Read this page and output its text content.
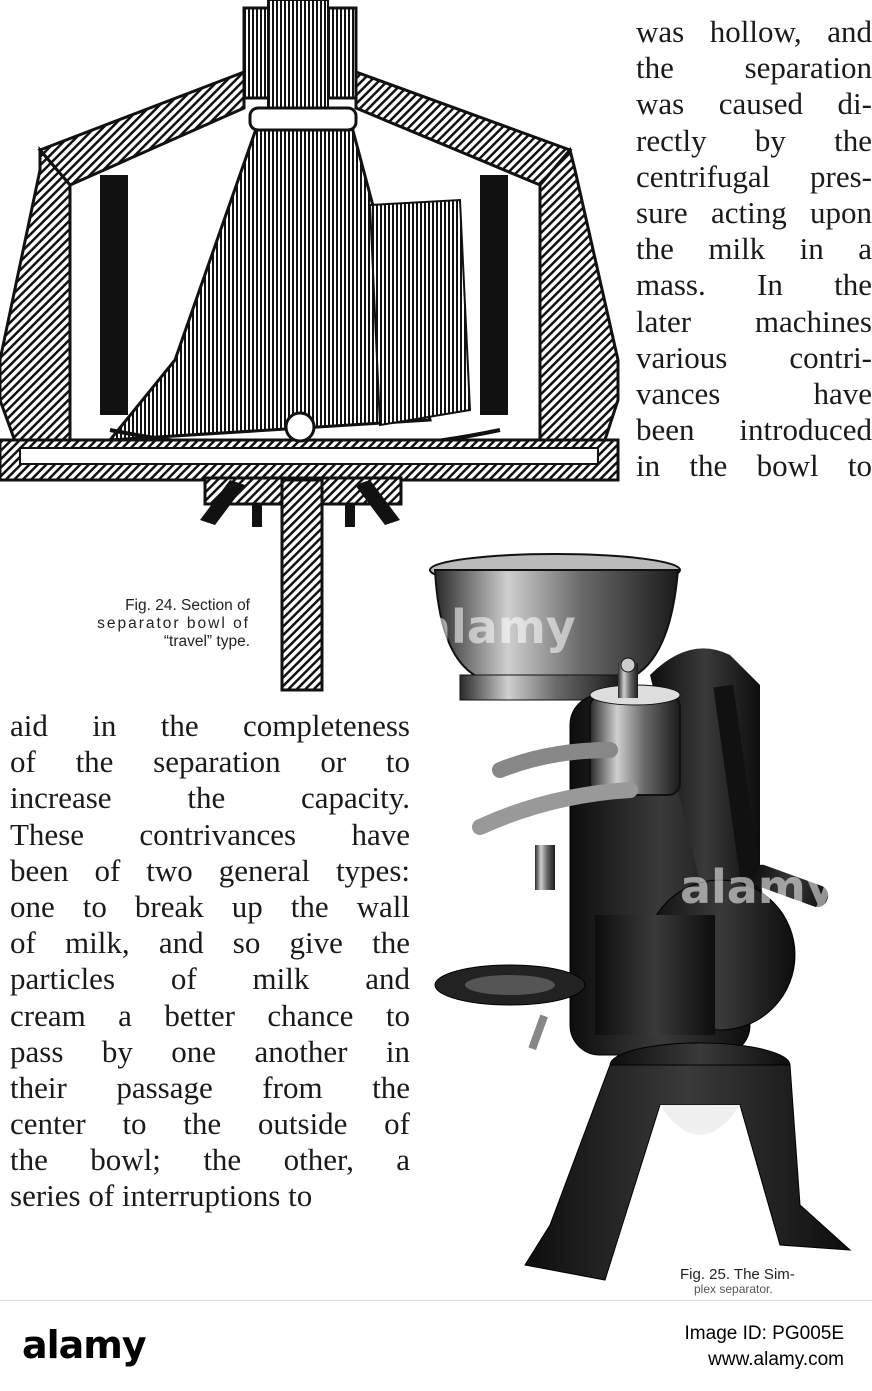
was hollow, and
the separation
was caused di-
rectly by the
centrifugal pres-
sure acting upon
the milk in a
mass. In the
later machines
various contri-
vances have
been introduced
in the bowl to
aid in the completeness
of the separation or to
increase the capacity.
These contrivances have
been of two general types:
one to break up the wall
of milk, and so give the
particles of milk and
cream a better chance to
pass by one another in
their passage from the
center to the outside of
the bowl; the other, a
series of interruptions to
Fig. 24. Section of
separator bowl of
“travel” type.
Fig. 25. The Sim-
plex separator.
alamy
alamy
alamy	Image ID: PG005E
www.alamy.com
